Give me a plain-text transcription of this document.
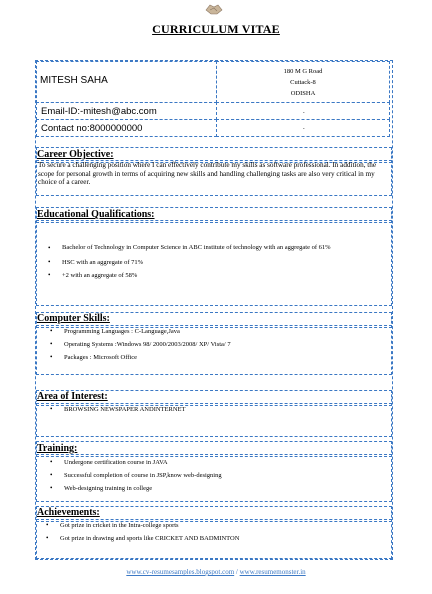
CURRICULUM VITAE
MITESH SAHA
180 M G Road
Cuttack-8
ODISHA
Email-ID:-mitesh@abc.com	.
Contact no:8000000000	.
Career Objective:
To secure a challenging position where I can effectively contribute my skills as software professional. In addition, the scope for personal growth in terms of acquiring new skills and handling challenging tasks are also very critical in my choice of a career.
Educational Qualifications:
• Bachelor of Technology in Computer Science in ABC institute of technology with an aggregate of 61%
• HSC with an aggregate of 71%
• +2 with an aggregate of 58%
Computer Skills:
• Programming Languages : C-Language,Java
• Operating Systems :Windows 98/ 2000/2003/2008/ XP/ Vista/ 7
• Packages : Microsoft Office
Area of Interest:
• BROWSING NEWSPAPER ANDINTERNET
Training:
• Undergone certification course in JAVA
• Successful completion of course in JSP,know web-designing
• Web-designing training in college
Achievements:
• Got prize in cricket in the Intra-college sports
• Got prize in drawing and sports like CRICKET AND BADMINTON
www.cv-resumesamples.blogspot.com / www.resumemonster.in
